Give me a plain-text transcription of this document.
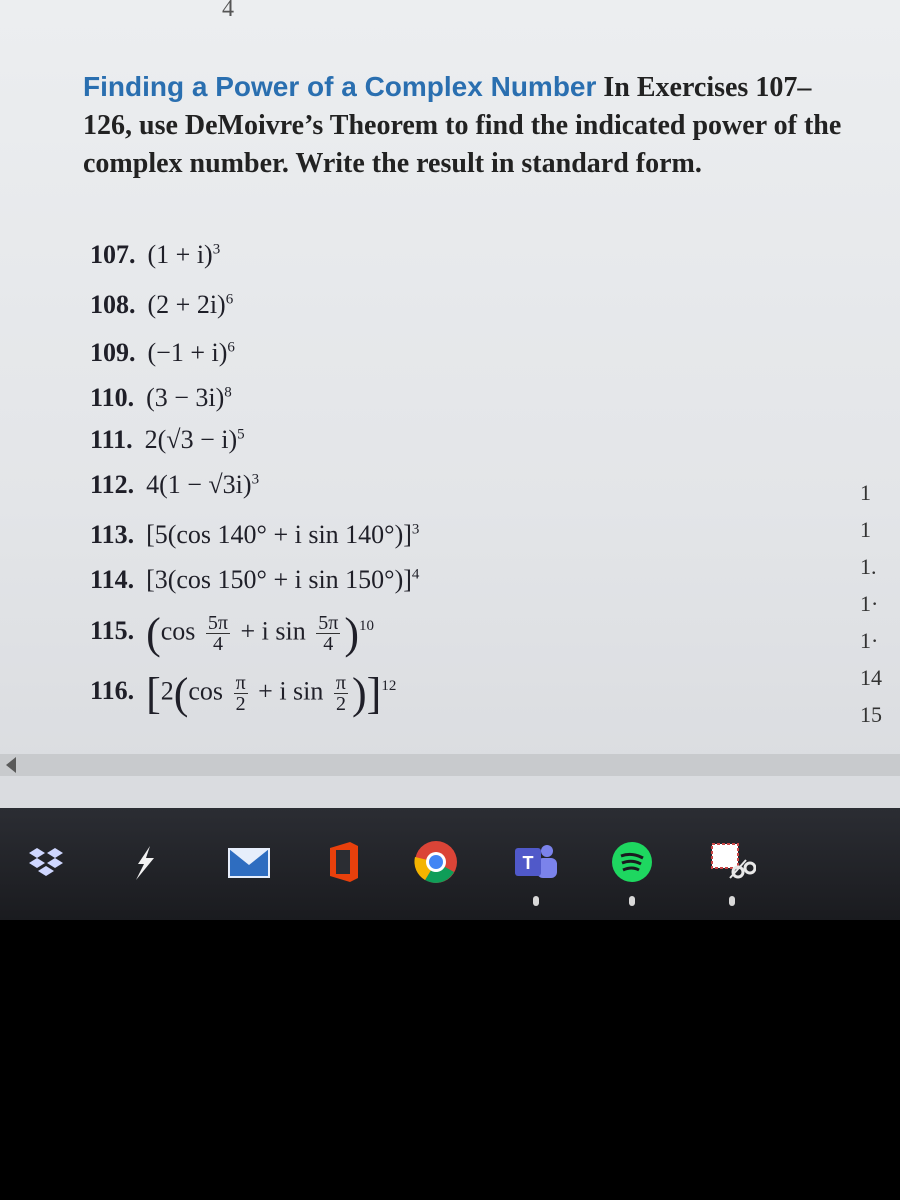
4
Finding a Power of a Complex Number In Exercises 107–126, use DeMoivre’s Theorem to find the indicated power of the complex number. Write the result in standard form.
107. $(1 + i)^3$
108. $(2 + 2i)^6$
109. $(-1 + i)^6$
110. $(3 - 3i)^8$
111. $2(√3 - i)^5$
112. $4(1 - √3i)^3$
113. [5(cos 140° + i sin 140°)]$^3$
114. [3(cos 150° + i sin 150°)]$^4$
115. ($\cos \frac{5\pi}{4} + i$ $\sin \frac{5\pi}{4} )^{10}$
116. [$2(\cos \frac{\pi}{2} + i$ $\sin \frac{\pi}{2} )]^{12}$
1
1
1.
1·
1·
14
15
T
